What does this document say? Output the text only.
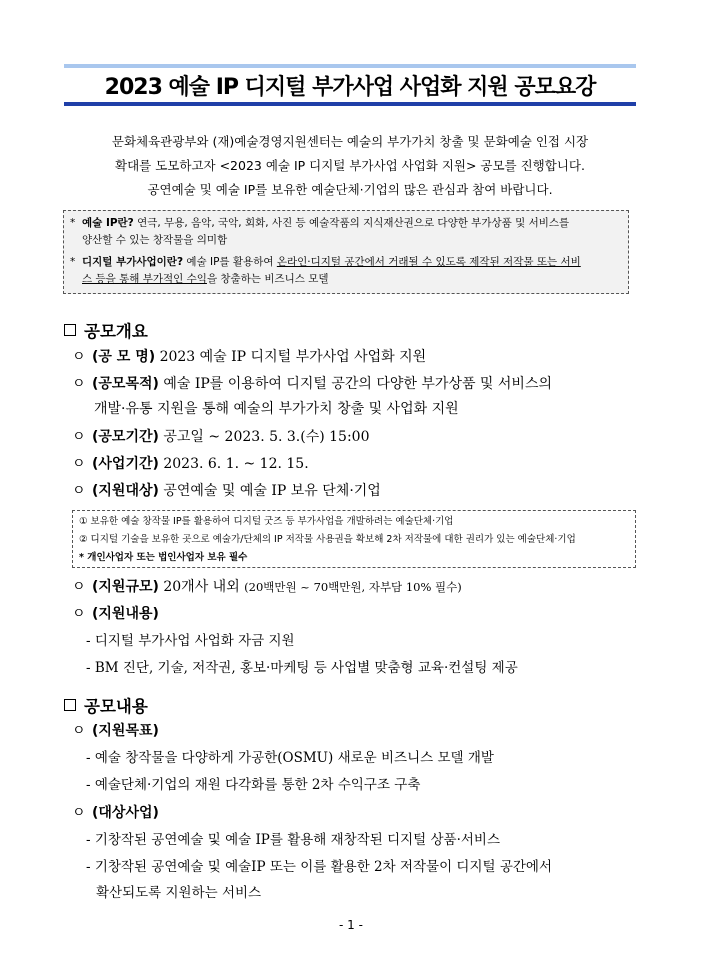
2023 예술 IP 디지털 부가사업 사업화 지원 공모요강
문화체육관광부와 (재)예술경영지원센터는 예술의 부가가치 창출 및 문화예술 인접 시장
확대를 도모하고자 <2023 예술 IP 디지털 부가사업 사업화 지원> 공모를 진행합니다.
공연예술 및 예술 IP를 보유한 예술단체·기업의 많은 관심과 참여 바랍니다.
* 예술 IP란? 연극, 무용, 음악, 국악, 회화, 사진 등 예술작품의 지식재산권으로 다양한 부가상품 및 서비스를
양산할 수 있는 창작물을 의미함
* 디지털 부가사업이란? 예술 IP를 활용하여 온라인·디지털 공간에서 거래될 수 있도록 제작된 저작물 또는 서비
스 등을 통해 부가적인 수익을 창출하는 비즈니스 모델
공모개요
ㅇ (공 모 명) 2023 예술 IP 디지털 부가사업 사업화 지원
ㅇ (공모목적) 예술 IP를 이용하여 디지털 공간의 다양한 부가상품 및 서비스의
개발·유통 지원을 통해 예술의 부가가치 창출 및 사업화 지원
ㅇ (공모기간) 공고일 ~ 2023. 5. 3.(수) 15:00
ㅇ (사업기간) 2023. 6. 1. ~ 12. 15.
ㅇ (지원대상) 공연예술 및 예술 IP 보유 단체·기업
① 보유한 예술 창작물 IP를 활용하여 디지털 굿즈 등 부가사업을 개발하려는 예술단체·기업
② 디지털 기술을 보유한 곳으로 예술가/단체의 IP 저작물 사용권을 확보해 2차 저작물에 대한 권리가 있는 예술단체·기업
* 개인사업자 또는 법인사업자 보유 필수
ㅇ (지원규모) 20개사 내외 (20백만원 ~ 70백만원, 자부담 10% 필수)
ㅇ (지원내용)
- 디지털 부가사업 사업화 자금 지원
- BM 진단, 기술, 저작권, 홍보·마케팅 등 사업별 맞춤형 교육·컨설팅 제공
공모내용
ㅇ (지원목표)
- 예술 창작물을 다양하게 가공한(OSMU) 새로운 비즈니스 모델 개발
- 예술단체·기업의 재원 다각화를 통한 2차 수익구조 구축
ㅇ (대상사업)
- 기창작된 공연예술 및 예술 IP를 활용해 재창작된 디지털 상품·서비스
- 기창작된 공연예술 및 예술IP 또는 이를 활용한 2차 저작물이 디지털 공간에서
확산되도록 지원하는 서비스
- 1 -
